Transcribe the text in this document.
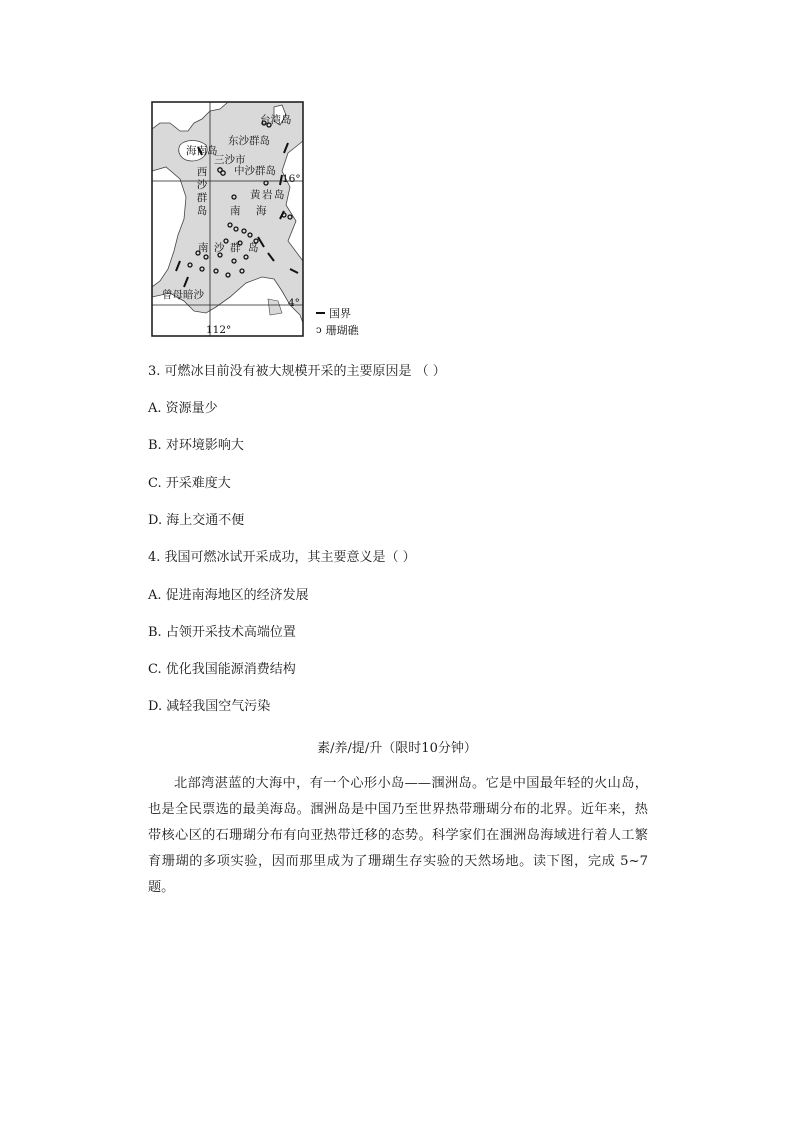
台湾岛
东沙群岛
海南岛
三沙市
中沙群岛
16°
西
沙
群
岛
黄 岩 岛
南 海
南 沙 群 岛
曾母暗沙
4°
112°
国界
ↄ 珊瑚礁
3. 可燃冰目前没有被大规模开采的主要原因是 （ ）
A. 资源量少
B. 对环境影响大
C. 开采难度大
D. 海上交通不便
4. 我国可燃冰试开采成功，其主要意义是（ ）
A. 促进南海地区的经济发展
B. 占领开采技术高端位置
C. 优化我国能源消费结构
D. 减轻我国空气污染
素/养/提/升（限时10分钟）
北部湾湛蓝的大海中，有一个心形小岛——涠洲岛。它是中国最年轻的火山岛，也是全民票选的最美海岛。涠洲岛是中国乃至世界热带珊瑚分布的北界。近年来，热带核心区的石珊瑚分布有向亚热带迁移的态势。科学家们在涠洲岛海域进行着人工繁育珊瑚的多项实验，因而那里成为了珊瑚生存实验的天然场地。读下图，完成 5~7 题。
